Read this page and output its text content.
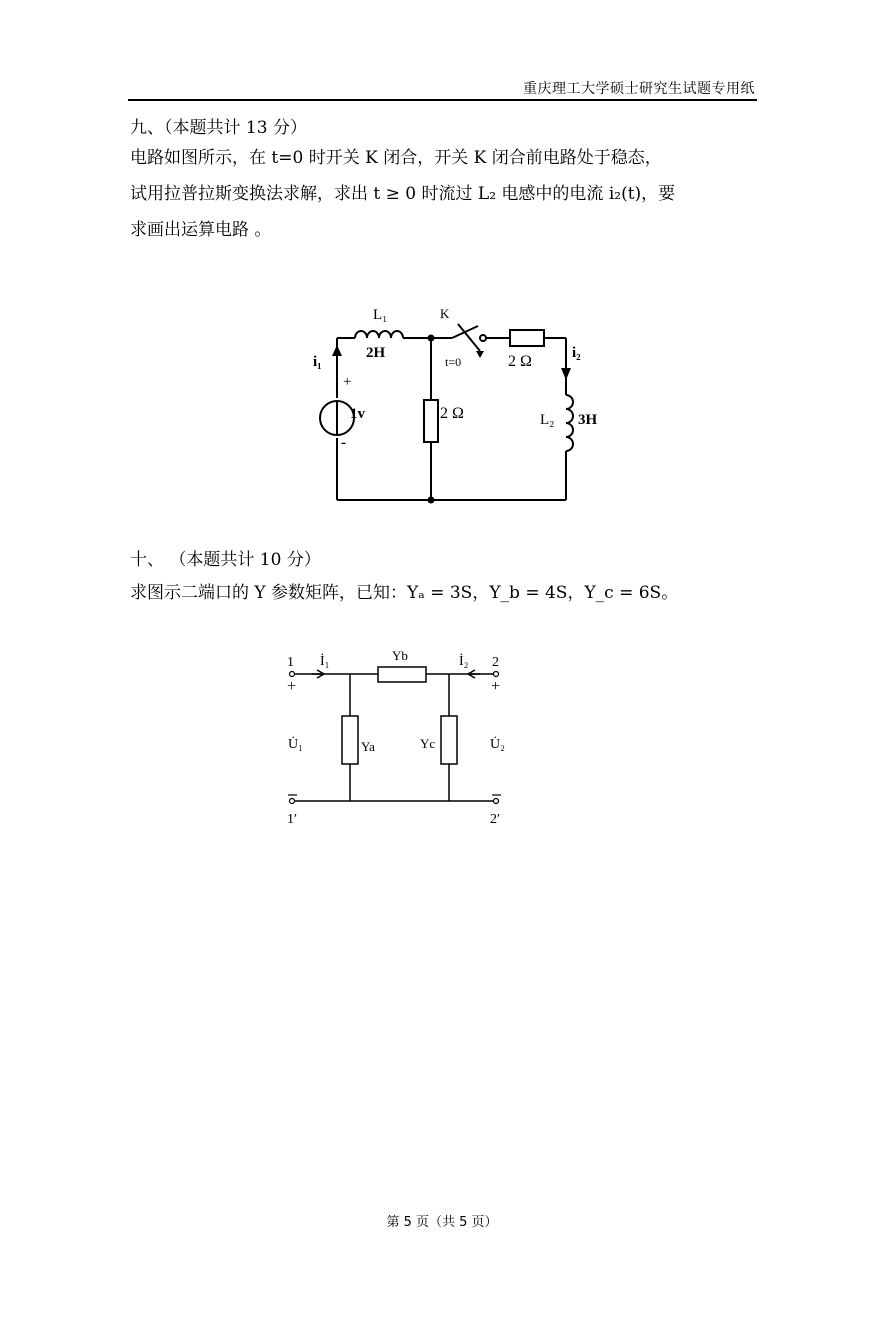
重庆理工大学硕士研究生试题专用纸
九、（本题共计 13 分）

电路如图所示，在 t=0 时开关 K 闭合，开关 K 闭合前电路处于稳态，

试用拉普拉斯变换法求解，求出 t ≥ 0 时流过 L₂ 电感中的电流 i₂(t)，要

求画出运算电路 。

L₁
2H
K
t=0	2 Ω
2 Ω
i₁
i₂
+
-
1v	L₂ 3H
1
+
İ₁	Yb	İ₂ 2
+
U̇₁	Ya	Yc	U̇₂
1′	2′
十、 （本题共计 10 分）

求图示二端口的 Y 参数矩阵，已知：Yₐ = 3S，Y_b = 4S，Y_c = 6S。

第 5 页（共 5 页）
